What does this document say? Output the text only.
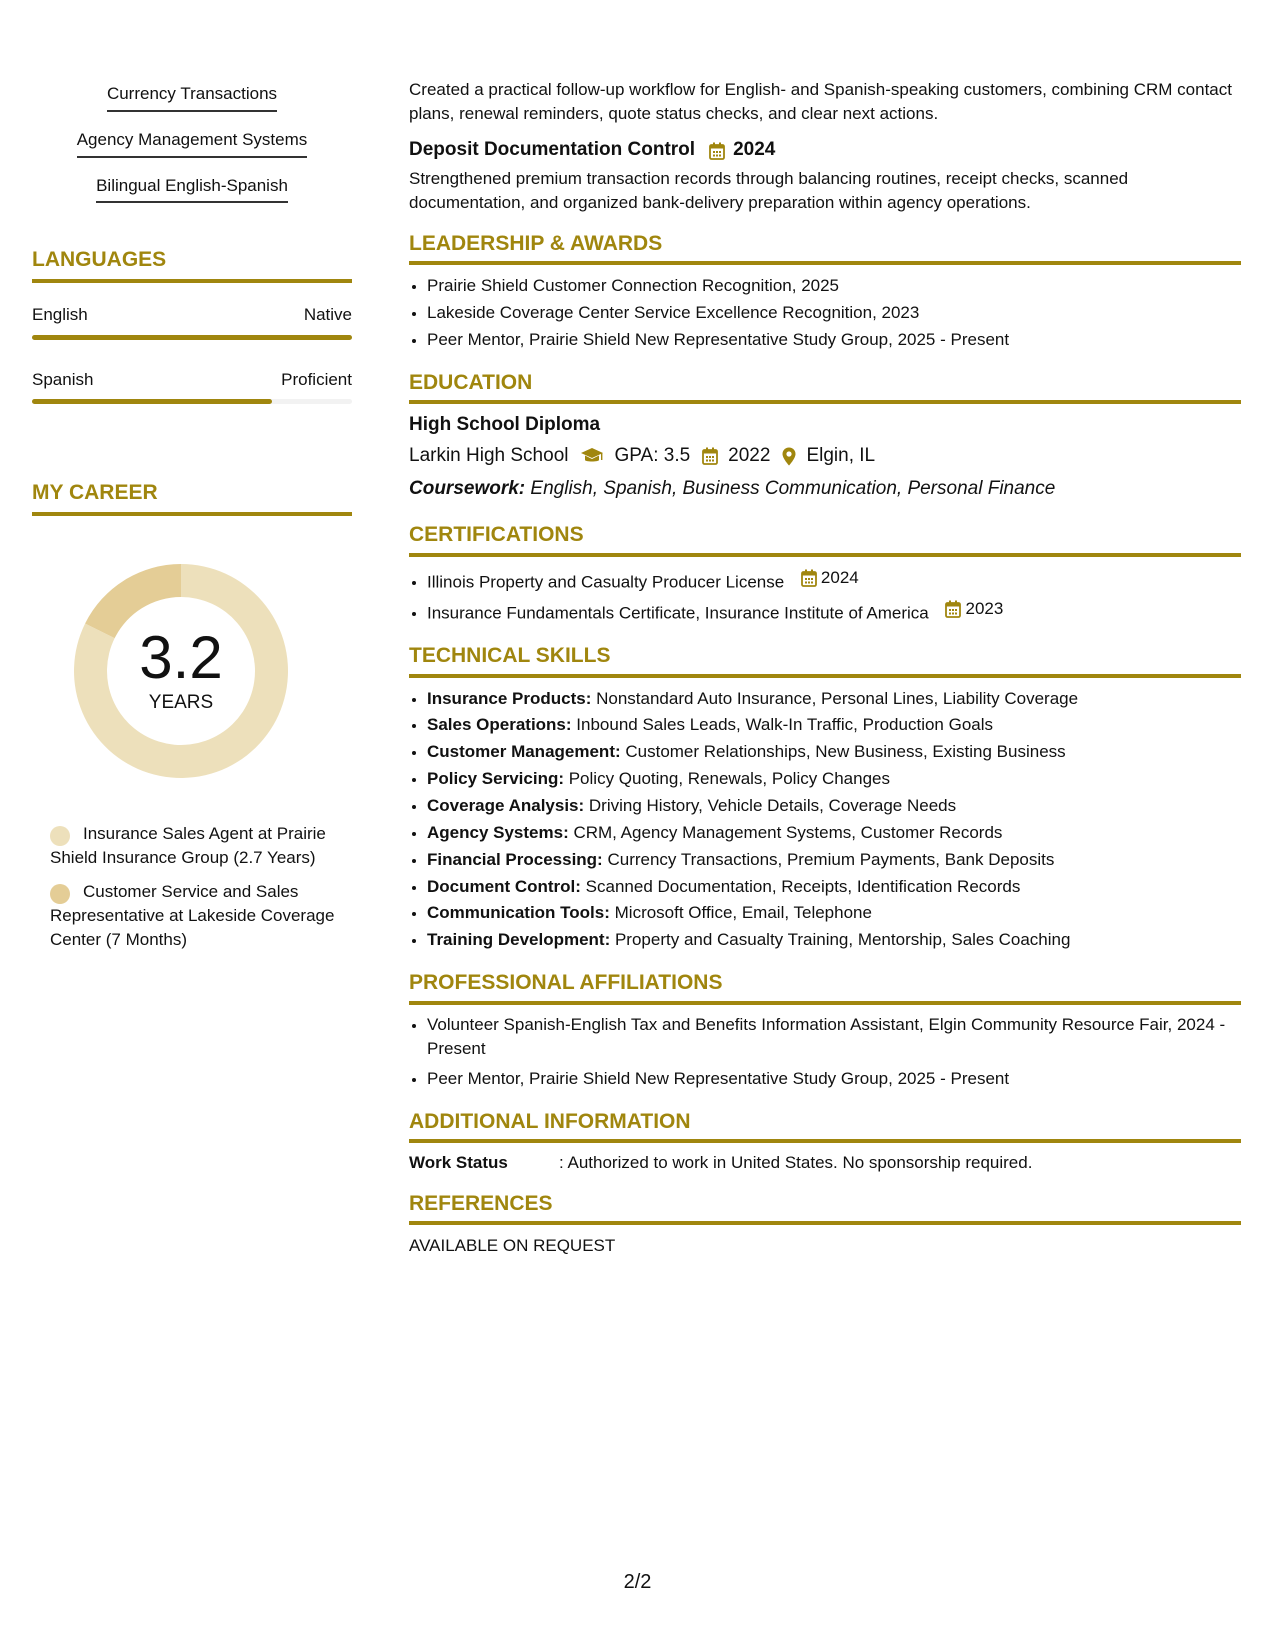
Currency Transactions
Agency Management Systems
Bilingual English-Spanish
LANGUAGES
English	Native
Spanish	Proficient
MY CAREER
3.2
YEARS
Insurance Sales Agent at Prairie Shield Insurance Group (2.7 Years)
Customer Service and Sales Representative at Lakeside Coverage Center (7 Months)

Created a practical follow-up workflow for English- and Spanish-speaking customers, combining CRM contact plans, renewal reminders, quote status checks, and clear next actions.

Deposit Documentation Control 2024

Strengthened premium transaction records through balancing routines, receipt checks, scanned documentation, and organized bank-delivery preparation within agency operations.

LEADERSHIP & AWARDS
• Prairie Shield Customer Connection Recognition, 2025
• Lakeside Coverage Center Service Excellence Recognition, 2023
• Peer Mentor, Prairie Shield New Representative Study Group, 2025 - Present
EDUCATION
High School Diploma
Larkin High School GPA: 3.5 2022 Elgin, IL
Coursework: English, Spanish, Business Communication, Personal Finance
CERTIFICATIONS
• Illinois Property and Casualty Producer License 2024
• Insurance Fundamentals Certificate, Insurance Institute of America 2023
TECHNICAL SKILLS
• Insurance Products: Nonstandard Auto Insurance, Personal Lines, Liability Coverage
• Sales Operations: Inbound Sales Leads, Walk-In Traffic, Production Goals
• Customer Management: Customer Relationships, New Business, Existing Business
• Policy Servicing: Policy Quoting, Renewals, Policy Changes
• Coverage Analysis: Driving History, Vehicle Details, Coverage Needs
• Agency Systems: CRM, Agency Management Systems, Customer Records
• Financial Processing: Currency Transactions, Premium Payments, Bank Deposits
• Document Control: Scanned Documentation, Receipts, Identification Records
• Communication Tools: Microsoft Office, Email, Telephone
• Training Development: Property and Casualty Training, Mentorship, Sales Coaching
PROFESSIONAL AFFILIATIONS
• Volunteer Spanish-English Tax and Benefits Information Assistant, Elgin Community Resource Fair, 2024 - Present
• Peer Mentor, Prairie Shield New Representative Study Group, 2025 - Present
ADDITIONAL INFORMATION
Work Status	: Authorized to work in United States. No sponsorship required.
REFERENCES
AVAILABLE ON REQUEST
2/2
